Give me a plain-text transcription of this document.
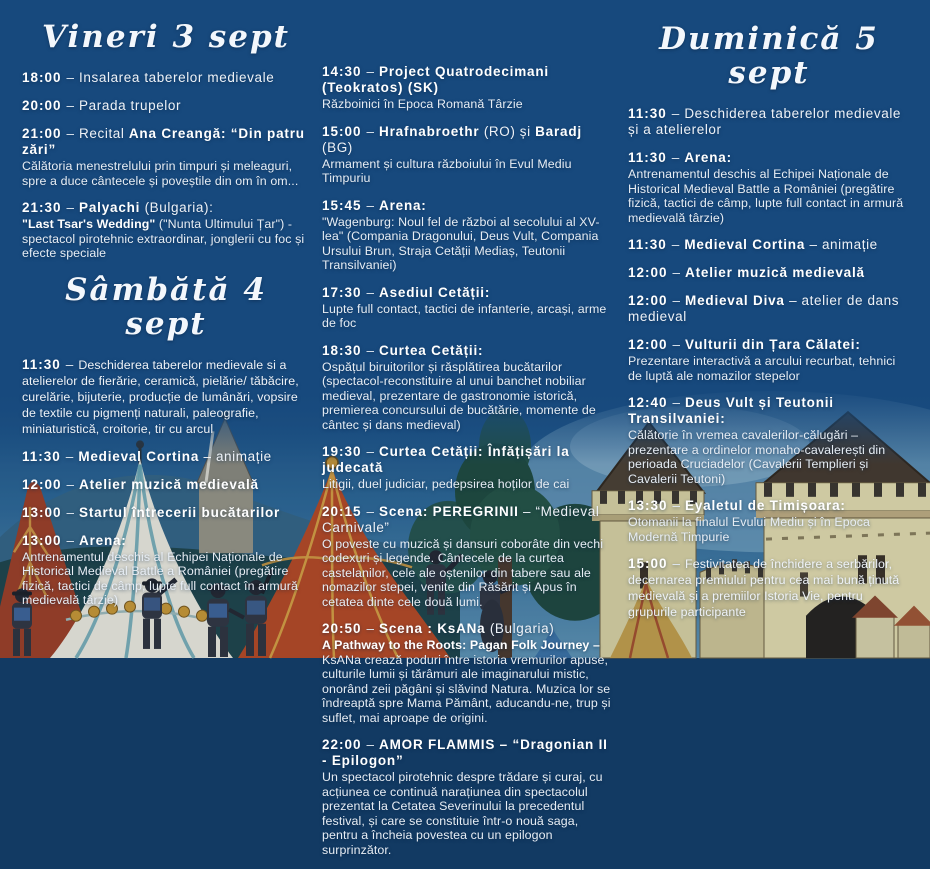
Vineri 3 sept

18:00 – Insalarea taberelor medievale

20:00 – Parada trupelor

21:00 – Recital Ana Creangă: “Din patru zări”

Călătoria menestrelului prin timpuri și meleaguri, spre a duce cântecele și poveștile din om în om...

21:30 – Palyachi (Bulgaria):

"Last Tsar's Wedding" ("Nunta Ultimului Țar") - spectacol pirotehnic extraordinar, jonglerii cu foc și efecte speciale
Sâmbătă 4 sept

11:30 – Deschiderea taberelor medievale si a atelierelor de fierărie, ceramică, pielărie/ tăbăcire, curelărie, bijuterie, producție de lumânări, vopsire de textile cu pigmenți naturali, paleografie, miniaturistică, croitorie, tir cu arcul

11:30 – Medieval Cortina – animație

12:00 – Atelier muzică medievală

13:00 – Startul întrecerii bucătarilor

13:00 – Arena:

Antrenamentul deschis al Echipei Naționale de Historical Medieval Battle a României (pregătire fizică, tactici de câmp, lupte full contact în armură medievală târzie)

14:30 – Project Quatrodecimani (Teokratos) (SK)

Războinici în Epoca Romană Târzie

15:00 – Hrafnabroethr (RO) și Baradj (BG)

Armament și cultura războiului în Evul Mediu Timpuriu

15:45 – Arena:

"Wagenburg: Noul fel de război al secolului al XV-lea" (Compania Dragonului, Deus Vult, Compania Ursului Brun, Straja Cetății Mediaș, Teutonii Transilvaniei)

17:30 – Asediul Cetății:

Lupte full contact, tactici de infanterie, arcași, arme de foc

18:30 – Curtea Cetății:

Ospățul biruitorilor și răsplătirea bucătarilor (spectacol-reconstituire al unui banchet nobiliar medieval, prezentare de gastronomie istorică, premierea concursului de bucătărie, momente de cântec și dans medieval)

19:30 – Curtea Cetății: Înfățișări la judecată

Litigii, duel judiciar, pedepsirea hoților de cai

20:15 – Scena: PEREGRINII – “Medieval Carnivale”

O poveste cu muzică și dansuri coborâte din vechi codexuri și legende. Cântecele de la curtea castelanilor, cele ale oștenilor din tabere sau ale nomazilor stepei, venite din Răsărit și Apus în cetatea dinte cele două lumi.

20:50 – Scena : KsANa (Bulgaria)

A Pathway to the Roots: Pagan Folk Journey – KsANa crează poduri între istoria vremurilor apuse, culturile lumii și tărâmuri ale imaginarului mistic, onorând zeii păgâni și slăvind Natura. Muzica lor se îndreaptă spre Mama Pământ, aducandu-ne, trup și suflet, mai aproape de origini.

22:00 – AMOR FLAMMIS – “Dragonian II - Epilogon”

Un spectacol pirotehnic despre trădare și curaj, cu acțiunea ce continuă narațiunea din spectacolul prezentat la Cetatea Severinului la precedentul festival, și care se constituie într-o nouă saga, pentru a încheia povestea cu un epilogon surprinzător.
Duminică 5 sept

11:30 – Deschiderea taberelor medievale și a atelierelor

11:30 – Arena:

Antrenamentul deschis al Echipei Naționale de Historical Medieval Battle a României (pregătire fizică, tactici de câmp, lupte full contact in armură medievală târzie)

11:30 – Medieval Cortina – animație

12:00 – Atelier muzică medievală

12:00 – Medieval Diva – atelier de dans medieval

12:00 – Vulturii din Țara Călatei:

Prezentare interactivă a arcului recurbat, tehnici de luptă ale nomazilor stepelor

12:40 – Deus Vult și Teutonii Transilvaniei:

Călătorie în vremea cavalerilor-călugări – prezentare a ordinelor monaho-cavalerești din perioada Cruciadelor (Cavalerii Templieri și Cavalerii Teutoni)

13:30 – Eyaletul de Timișoara:

Otomanii la finalul Evului Mediu și în Epoca Modernă Timpurie

15:00 – Festivitatea de închidere a serbărilor, decernarea premiului pentru cea mai bună ținută medievală și a premiilor Istoria Vie, pentru grupurile participante
